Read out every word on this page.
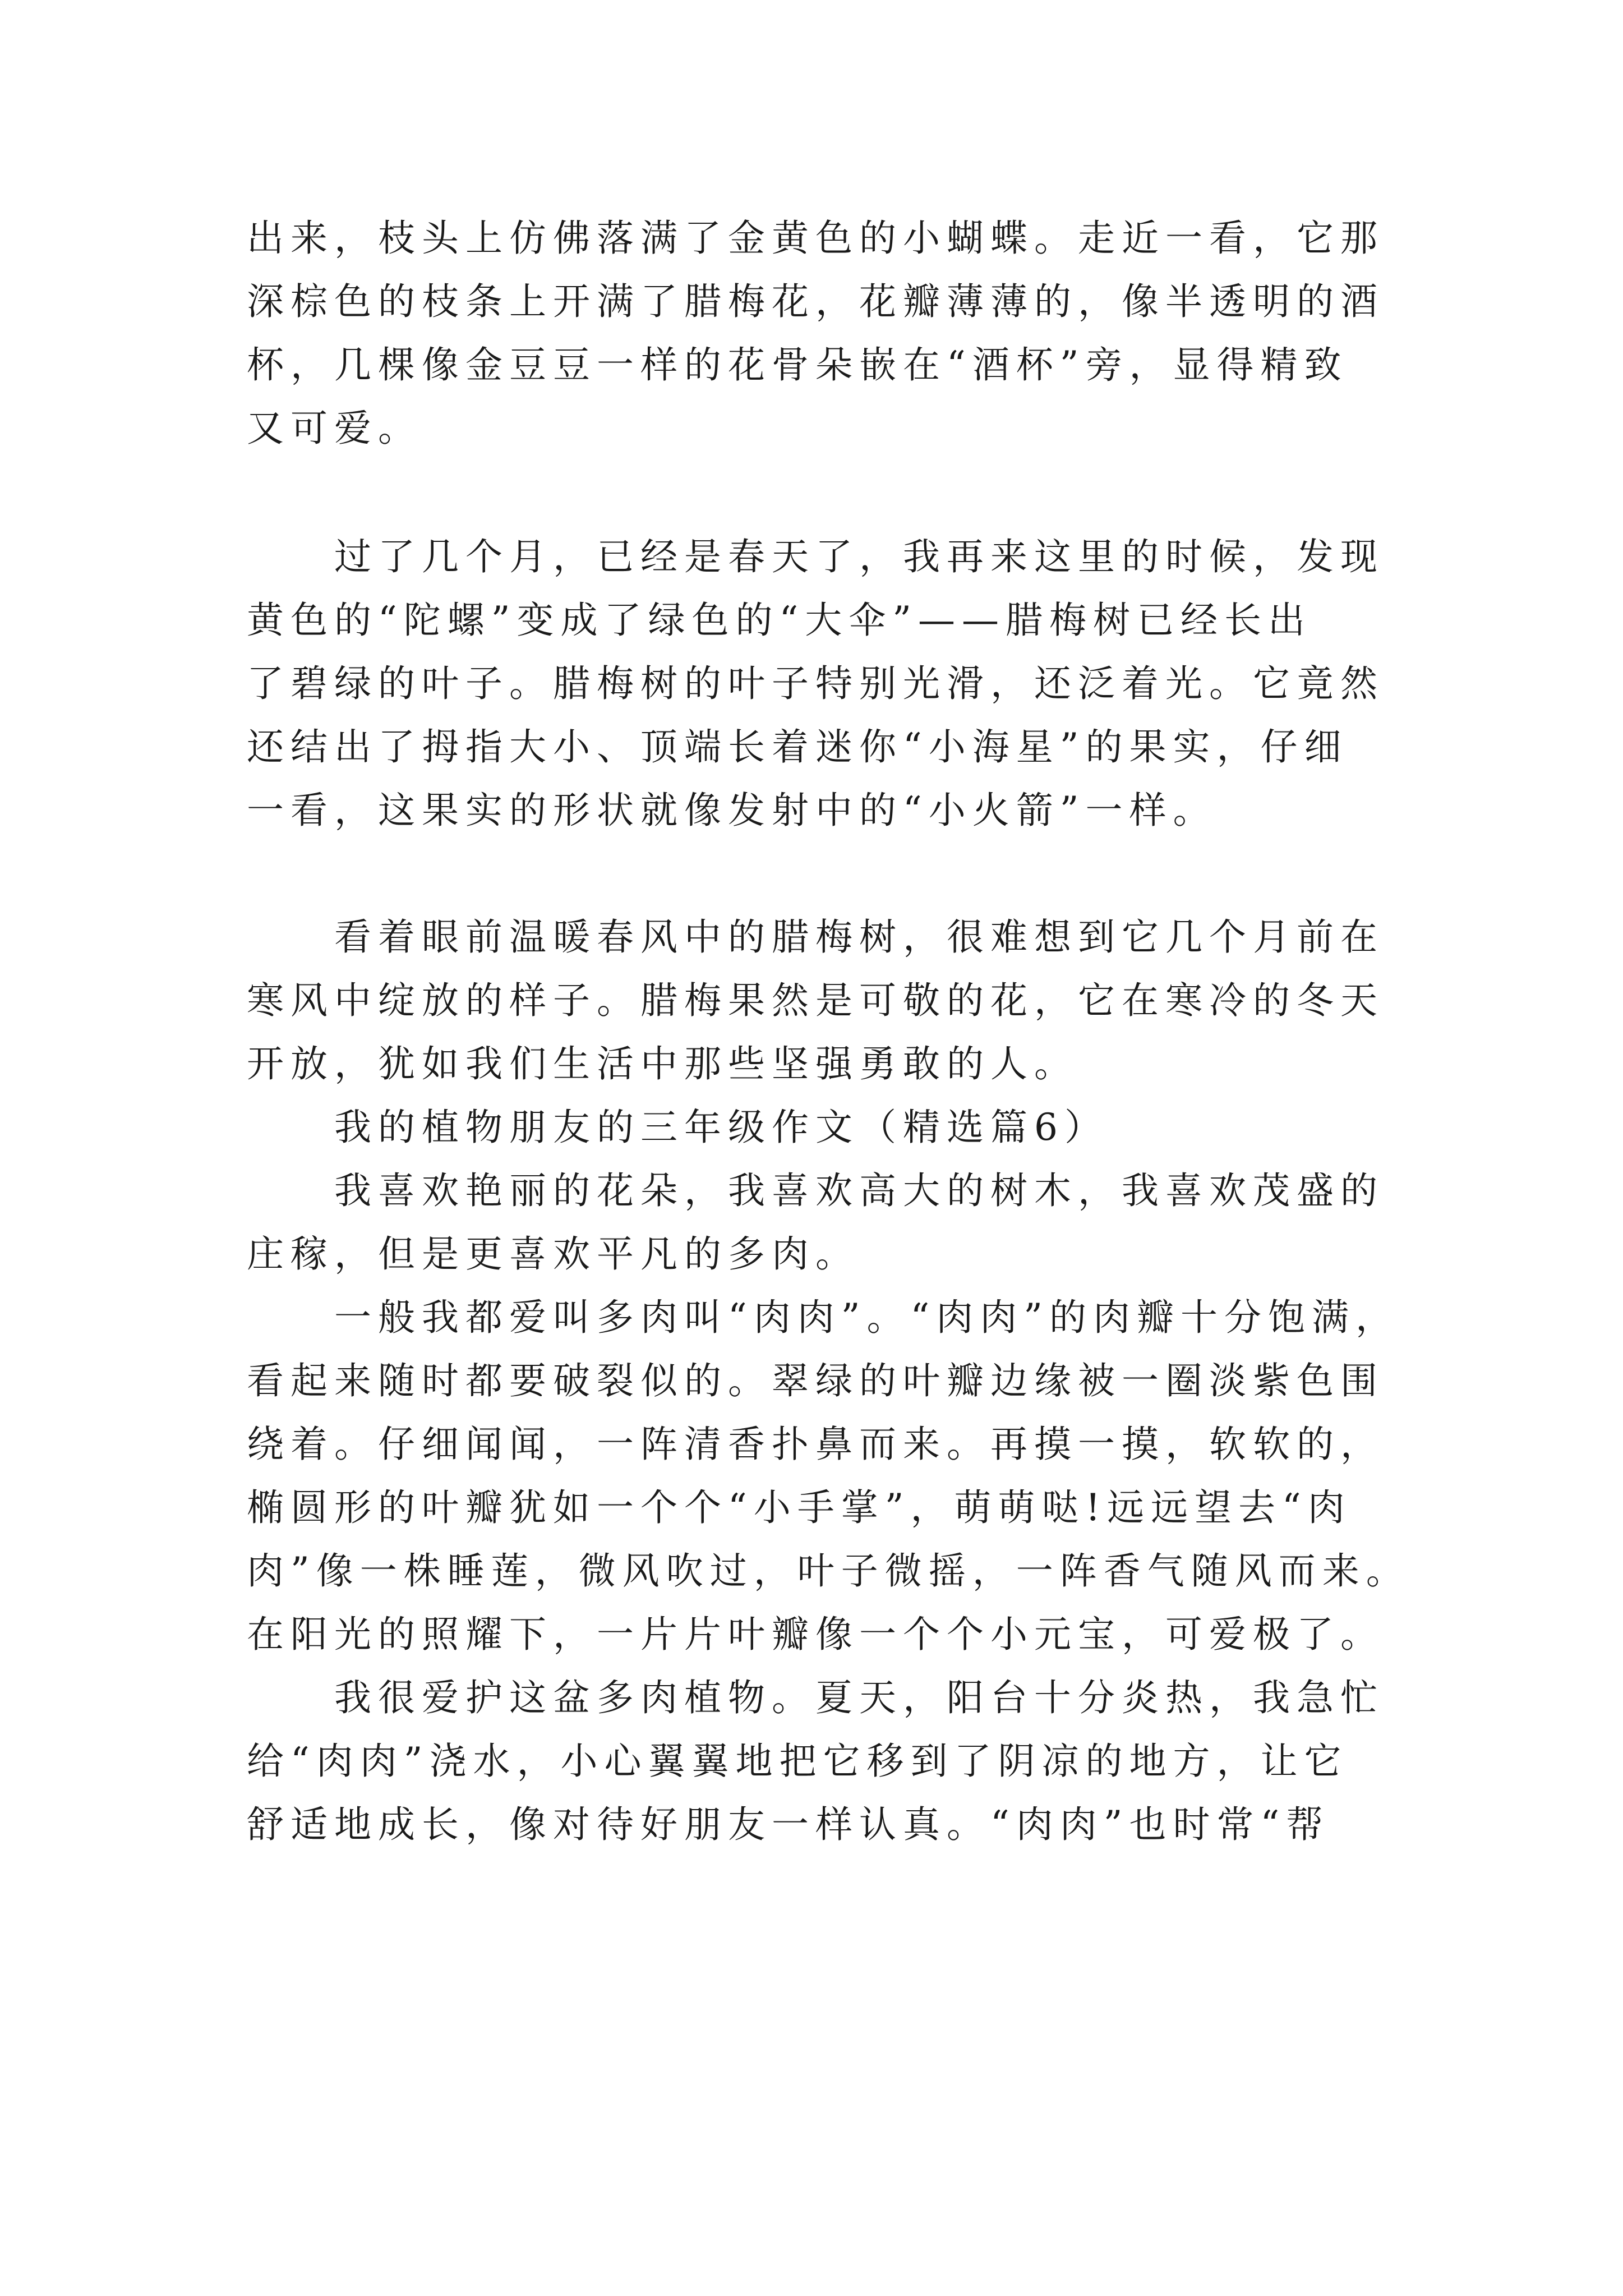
出来，枝头上仿佛落满了金黄色的小蝴蝶。走近一看，它那
深棕色的枝条上开满了腊梅花，花瓣薄薄的，像半透明的酒
杯，几棵像金豆豆一样的花骨朵嵌在“酒杯”旁，显得精致
又可爱。
过了几个月，已经是春天了，我再来这里的时候，发现
黄色的“陀螺”变成了绿色的“大伞”——腊梅树已经长出
了碧绿的叶子。腊梅树的叶子特别光滑，还泛着光。它竟然
还结出了拇指大小、顶端长着迷你“小海星”的果实，仔细
一看，这果实的形状就像发射中的“小火箭”一样。
看着眼前温暖春风中的腊梅树，很难想到它几个月前在
寒风中绽放的样子。腊梅果然是可敬的花，它在寒冷的冬天
开放，犹如我们生活中那些坚强勇敢的人。
我的植物朋友的三年级作文（精选篇6）
我喜欢艳丽的花朵，我喜欢高大的树木，我喜欢茂盛的
庄稼，但是更喜欢平凡的多肉。
一般我都爱叫多肉叫“肉肉”。“肉肉”的肉瓣十分饱满，
看起来随时都要破裂似的。翠绿的叶瓣边缘被一圈淡紫色围
绕着。仔细闻闻，一阵清香扑鼻而来。再摸一摸，软软的，
椭圆形的叶瓣犹如一个个“小手掌”，萌萌哒!远远望去“肉
肉”像一株睡莲，微风吹过，叶子微摇，一阵香气随风而来。
在阳光的照耀下，一片片叶瓣像一个个小元宝，可爱极了。
我很爱护这盆多肉植物。夏天，阳台十分炎热，我急忙
给“肉肉”浇水，小心翼翼地把它移到了阴凉的地方，让它
舒适地成长，像对待好朋友一样认真。“肉肉”也时常“帮
